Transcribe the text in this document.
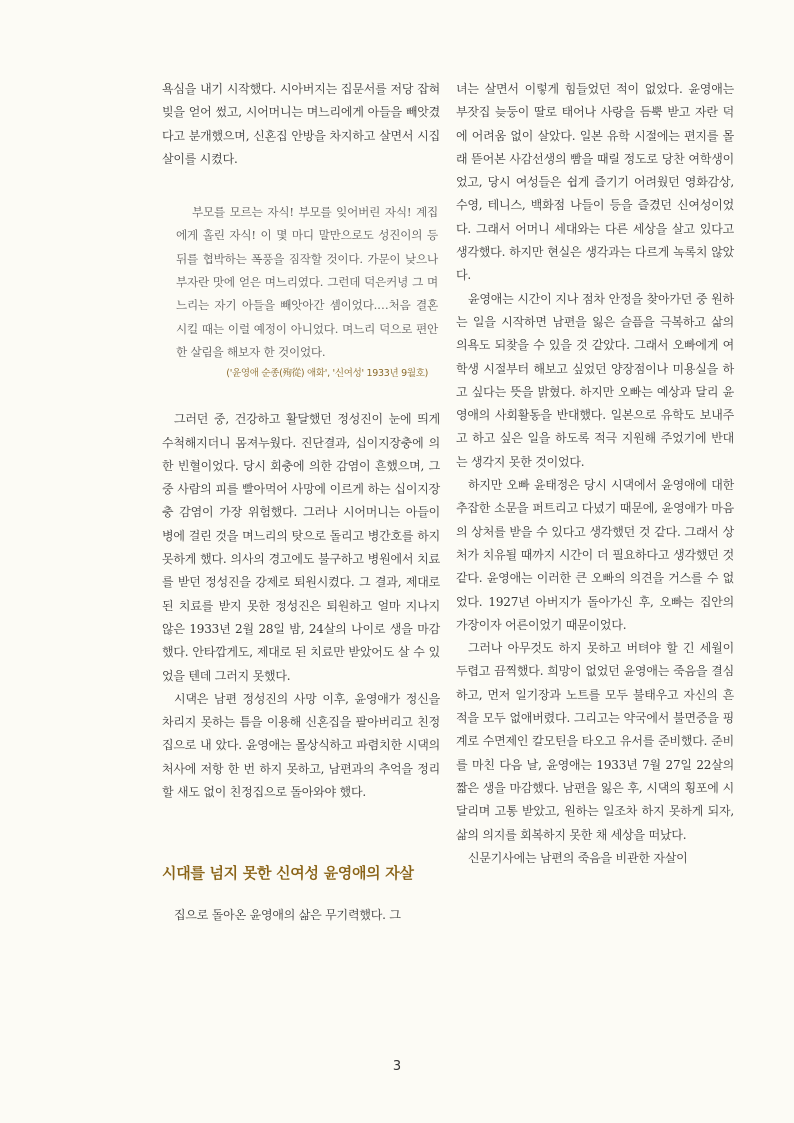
욕심을 내기 시작했다. 시아버지는 집문서를 저당 잡혀 빚을 얻어 썼고, 시어머니는 며느리에게 아들을 빼앗겼다고 분개했으며, 신혼집 안방을 차지하고 살면서 시집살이를 시켰다.

부모를 모르는 자식! 부모를 잊어버린 자식! 계집에게 홀린 자식! 이 몇 마디 말만으로도 성진이의 등 뒤를 협박하는 폭풍을 짐작할 것이다. 가문이 낮으나 부자란 맛에 얻은 며느리였다. 그런데 덕은커녕 그 며느리는 자기 아들을 빼앗아간 셈이었다.…처음 결혼시킬 때는 이럴 예정이 아니었다. 며느리 덕으로 편안한 살림을 해보자 한 것이었다.

('윤영애 순종(殉從) 애화', '신여성' 1933년 9월호)

그러던 중, 건강하고 활달했던 정성진이 눈에 띄게 수척해지더니 몸져누웠다. 진단결과, 십이지장충에 의한 빈혈이었다. 당시 회충에 의한 감염이 흔했으며, 그 중 사람의 피를 빨아먹어 사망에 이르게 하는 십이지장충 감염이 가장 위험했다. 그러나 시어머니는 아들이 병에 걸린 것을 며느리의 탓으로 돌리고 병간호를 하지 못하게 했다. 의사의 경고에도 불구하고 병원에서 치료를 받던 정성진을 강제로 퇴원시켰다. 그 결과, 제대로 된 치료를 받지 못한 정성진은 퇴원하고 얼마 지나지 않은 1933년 2월 28일 밤, 24살의 나이로 생을 마감했다. 안타깝게도, 제대로 된 치료만 받았어도 살 수 있었을 텐데 그러지 못했다.

시댁은 남편 정성진의 사망 이후, 윤영애가 정신을 차리지 못하는 틈을 이용해 신혼집을 팔아버리고 친정집으로 내 았다. 윤영애는 몰상식하고 파렴치한 시댁의 처사에 저항 한 번 하지 못하고, 남편과의 추억을 정리할 새도 없이 친정집으로 돌아와야 했다.

시대를 넘지 못한 신여성 윤영애의 자살

집으로 돌아온 윤영애의 삶은 무기력했다. 그

녀는 살면서 이렇게 힘들었던 적이 없었다. 윤영애는 부잣집 늦둥이 딸로 태어나 사랑을 듬뿍 받고 자란 덕에 어려움 없이 살았다. 일본 유학 시절에는 편지를 몰래 뜯어본 사감선생의 빰을 때릴 정도로 당찬 여학생이었고, 당시 여성들은 쉽게 즐기기 어려웠던 영화감상, 수영, 테니스, 백화점 나들이 등을 즐겼던 신여성이었다. 그래서 어머니 세대와는 다른 세상을 살고 있다고 생각했다. 하지만 현실은 생각과는 다르게 녹록치 않았다.

윤영애는 시간이 지나 점차 안정을 찾아가던 중 원하는 일을 시작하면 남편을 잃은 슬픔을 극복하고 삶의 의욕도 되찾을 수 있을 것 같았다. 그래서 오빠에게 여학생 시절부터 해보고 싶었던 양장점이나 미용실을 하고 싶다는 뜻을 밝혔다. 하지만 오빠는 예상과 달리 윤영애의 사회활동을 반대했다. 일본으로 유학도 보내주고 하고 싶은 일을 하도록 적극 지원해 주었기에 반대는 생각지 못한 것이었다.

하지만 오빠 윤태정은 당시 시댁에서 윤영애에 대한 추잡한 소문을 퍼트리고 다녔기 때문에, 윤영애가 마음의 상처를 받을 수 있다고 생각했던 것 같다. 그래서 상처가 치유될 때까지 시간이 더 필요하다고 생각했던 것 같다. 윤영애는 이러한 큰 오빠의 의견을 거스를 수 없었다. 1927년 아버지가 돌아가신 후, 오빠는 집안의 가장이자 어른이었기 때문이었다.

그러나 아무것도 하지 못하고 버텨야 할 긴 세월이 두렵고 끔찍했다. 희망이 없었던 윤영애는 죽음을 결심하고, 먼저 일기장과 노트를 모두 불태우고 자신의 흔적을 모두 없애버렸다. 그리고는 약국에서 불면증을 핑계로 수면제인 칼모틴을 타오고 유서를 준비했다. 준비를 마친 다음 날, 윤영애는 1933년 7월 27일 22살의 짧은 생을 마감했다. 남편을 잃은 후, 시댁의 횡포에 시달리며 고통 받았고, 원하는 일조차 하지 못하게 되자, 삶의 의지를 회복하지 못한 채 세상을 떠났다.

신문기사에는 남편의 죽음을 비관한 자살이

3
